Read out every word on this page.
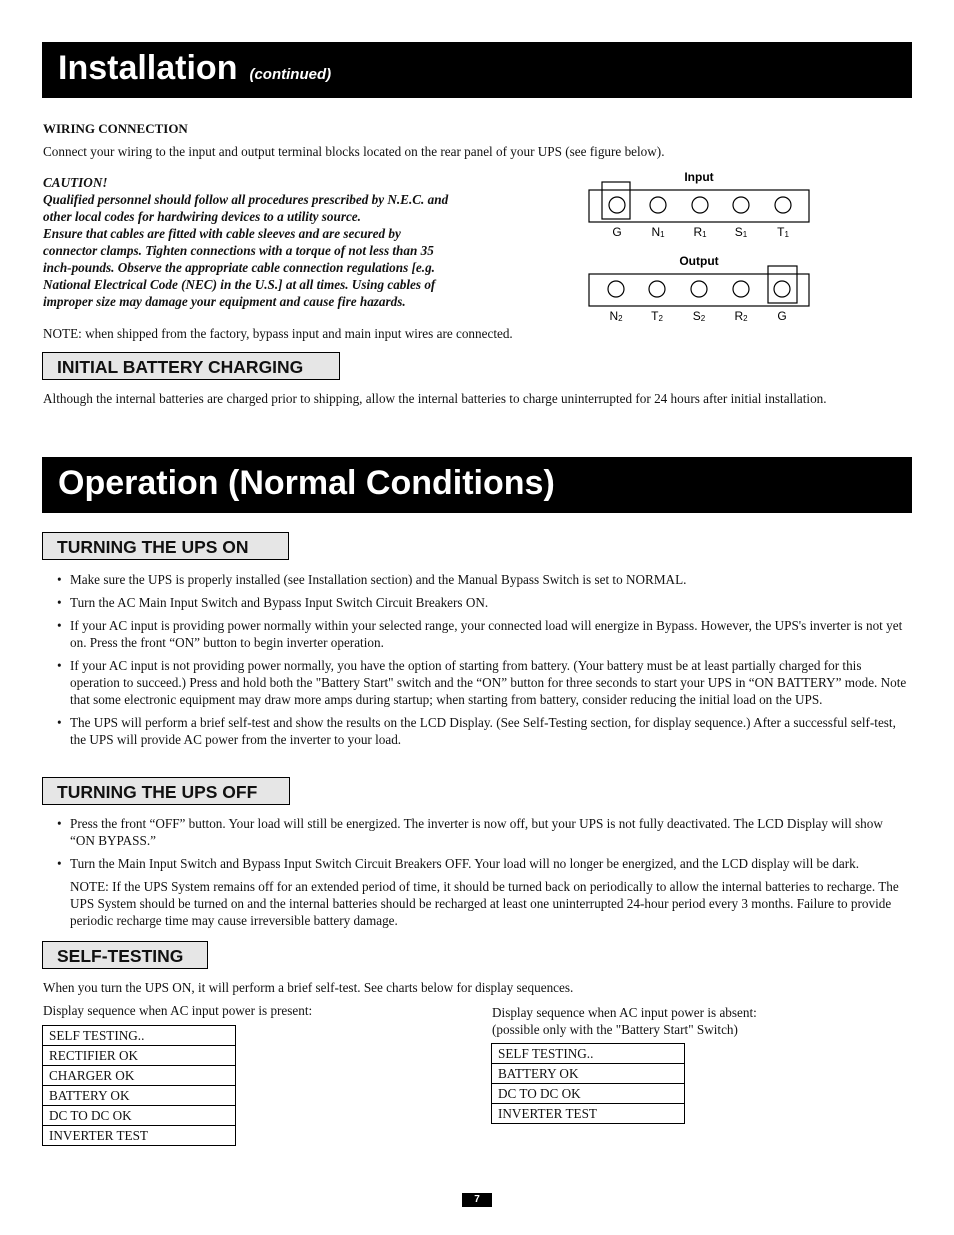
Installation (continued)
WIRING CONNECTION
Connect your wiring to the input and output terminal blocks located on the rear panel of your UPS (see figure below).
CAUTION!
Qualified personnel should follow all procedures prescribed by N.E.C. and
other local codes for hardwiring devices to a utility source.
Ensure that cables are fitted with cable sleeves and are secured by
connector clamps. Tighten connections with a torque of not less than 35
inch-pounds. Observe the appropriate cable connection regulations [e.g.
National Electrical Code (NEC) in the U.S.] at all times. Using cables of
improper size may damage your equipment and cause fire hazards.
Input
G N1 R1 S1 T1
Output
N2 T2 S2 R2 G
NOTE: when shipped from the factory, bypass input and main input wires are connected.
INITIAL BATTERY CHARGING
Although the internal batteries are charged prior to shipping, allow the internal batteries to charge uninterrupted for 24 hours after initial installation.
Operation (Normal Conditions)
TURNING THE UPS ON
• Make sure the UPS is properly installed (see Installation section) and the Manual Bypass Switch is set to NORMAL.
• Turn the AC Main Input Switch and Bypass Input Switch Circuit Breakers ON.
• If your AC input is providing power normally within your selected range, your connected load will energize in Bypass. However, the UPS's inverter is not yet on. Press the front “ON” button to begin inverter operation.
• If your AC input is not providing power normally, you have the option of starting from battery. (Your battery must be at least partially charged for this operation to succeed.) Press and hold both the "Battery Start" switch and the “ON” button for three seconds to start your UPS in “ON BATTERY” mode. Note that some electronic equipment may draw more amps during startup; when starting from battery, consider reducing the initial load on the UPS.
• The UPS will perform a brief self-test and show the results on the LCD Display. (See Self-Testing section, for display sequence.) After a successful self-test, the UPS will provide AC power from the inverter to your load.
TURNING THE UPS OFF
• Press the front “OFF” button. Your load will still be energized. The inverter is now off, but your UPS is not fully deactivated. The LCD Display will show “ON BYPASS.”
• Turn the Main Input Switch and Bypass Input Switch Circuit Breakers OFF. Your load will no longer be energized, and the LCD display will be dark.
NOTE: If the UPS System remains off for an extended period of time, it should be turned back on periodically to allow the internal batteries to recharge. The UPS System should be turned on and the internal batteries should be recharged at least one uninterrupted 24-hour period every 3 months. Failure to provide periodic recharge time may cause irreversible battery damage.
SELF-TESTING
When you turn the UPS ON, it will perform a brief self-test. See charts below for display sequences.
Display sequence when AC input power is present:
SELF TESTING..
RECTIFIER OK
CHARGER OK
BATTERY OK
DC TO DC OK
INVERTER TEST
Display sequence when AC input power is absent:
(possible only with the "Battery Start" Switch)
SELF TESTING..
BATTERY OK
DC TO DC OK
INVERTER TEST
7
